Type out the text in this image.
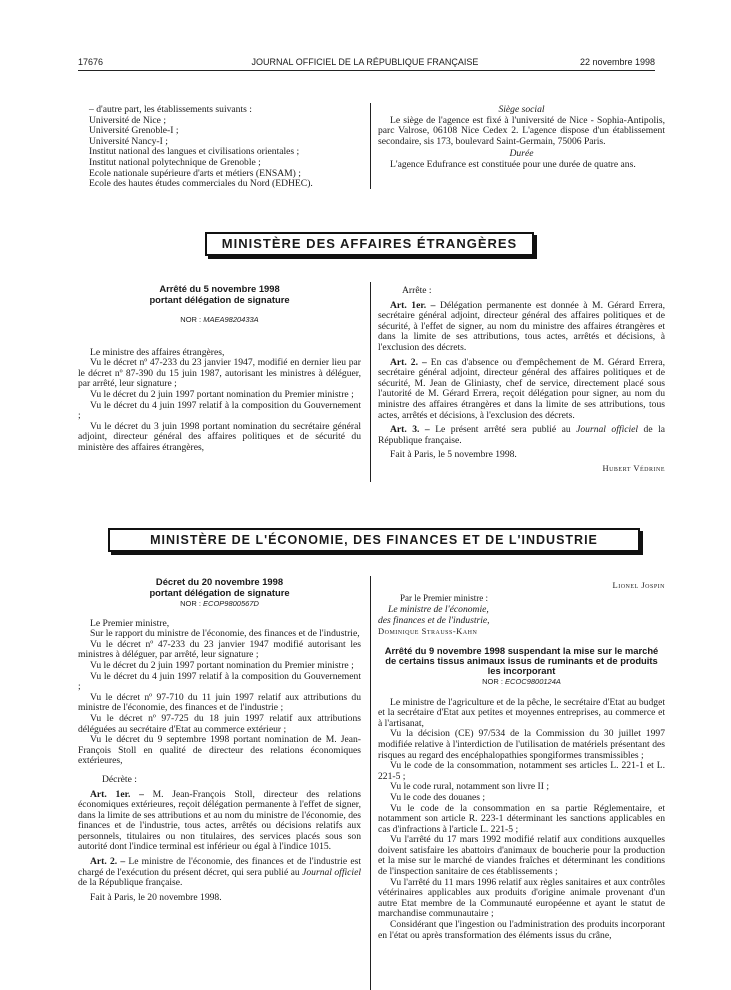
17676	JOURNAL OFFICIEL DE LA RÉPUBLIQUE FRANÇAISE	22 novembre 1998

– d'autre part, les établissements suivants :

Université de Nice ;

Université Grenoble-I ;

Université Nancy-I ;

Institut national des langues et civilisations orientales ;

Institut national polytechnique de Grenoble ;

Ecole nationale supérieure d'arts et métiers (ENSAM) ;

Ecole des hautes études commerciales du Nord (EDHEC).

Siège social

Le siège de l'agence est fixé à l'université de Nice - Sophia-Antipolis, parc Valrose, 06108 Nice Cedex 2. L'agence dispose d'un établissement secondaire, sis 173, boulevard Saint-Germain, 75006 Paris.

Durée

L'agence Edufrance est constituée pour une durée de quatre ans.

MINISTÈRE DES AFFAIRES ÉTRANGÈRES
Arrêté du 5 novembre 1998
portant délégation de signature
NOR : MAEA9820433A

Le ministre des affaires étrangères,

Vu le décret nº 47-233 du 23 janvier 1947, modifié en dernier lieu par le décret nº 87-390 du 15 juin 1987, autorisant les ministres à déléguer, par arrêté, leur signature ;

Vu le décret du 2 juin 1997 portant nomination du Premier ministre ;

Vu le décret du 4 juin 1997 relatif à la composition du Gouvernement ;

Vu le décret du 3 juin 1998 portant nomination du secrétaire général adjoint, directeur général des affaires politiques et de sécurité du ministère des affaires étrangères,

Arrête :

Art. 1er. – Délégation permanente est donnée à M. Gérard Errera, secrétaire général adjoint, directeur général des affaires politiques et de sécurité, à l'effet de signer, au nom du ministre des affaires étrangères et dans la limite de ses attributions, tous actes, arrêtés et décisions, à l'exclusion des décrets.

Art. 2. – En cas d'absence ou d'empêchement de M. Gérard Errera, secrétaire général adjoint, directeur général des affaires politiques et de sécurité, M. Jean de Gliniasty, chef de service, directement placé sous l'autorité de M. Gérard Errera, reçoit délégation pour signer, au nom du ministre des affaires étrangères et dans la limite de ses attributions, tous actes, arrêtés et décisions, à l'exclusion des décrets.

Art. 3. – Le présent arrêté sera publié au Journal officiel de la République française.

Fait à Paris, le 5 novembre 1998.

Hubert Védrine

MINISTÈRE DE L'ÉCONOMIE, DES FINANCES ET DE L'INDUSTRIE
Décret du 20 novembre 1998
portant délégation de signature
NOR : ECOP9800567D

Le Premier ministre,

Sur le rapport du ministre de l'économie, des finances et de l'industrie,

Vu le décret nº 47-233 du 23 janvier 1947 modifié autorisant les ministres à déléguer, par arrêté, leur signature ;

Vu le décret du 2 juin 1997 portant nomination du Premier ministre ;

Vu le décret du 4 juin 1997 relatif à la composition du Gouvernement ;

Vu le décret nº 97-710 du 11 juin 1997 relatif aux attributions du ministre de l'économie, des finances et de l'industrie ;

Vu le décret nº 97-725 du 18 juin 1997 relatif aux attributions déléguées au secrétaire d'Etat au commerce extérieur ;

Vu le décret du 9 septembre 1998 portant nomination de M. Jean-François Stoll en qualité de directeur des relations économiques extérieures,

Décrète :

Art. 1er. – M. Jean-François Stoll, directeur des relations économiques extérieures, reçoit délégation permanente à l'effet de signer, dans la limite de ses attributions et au nom du ministre de l'économie, des finances et de l'industrie, tous actes, arrêtés ou décisions relatifs aux personnels, titulaires ou non titulaires, des services placés sous son autorité dont l'indice terminal est inférieur ou égal à l'indice 1015.

Art. 2. – Le ministre de l'économie, des finances et de l'industrie est chargé de l'exécution du présent décret, qui sera publié au Journal officiel de la République française.

Fait à Paris, le 20 novembre 1998.

Lionel Jospin

Par le Premier ministre :

Le ministre de l'économie,

des finances et de l'industrie,

Dominique Strauss-Kahn

Arrêté du 9 novembre 1998 suspendant la mise sur le marché de certains tissus animaux issus de ruminants et de produits les incorporant
NOR : ECOC9800124A

Le ministre de l'agriculture et de la pêche, le secrétaire d'Etat au budget et la secrétaire d'Etat aux petites et moyennes entreprises, au commerce et à l'artisanat,

Vu la décision (CE) 97/534 de la Commission du 30 juillet 1997 modifiée relative à l'interdiction de l'utilisation de matériels présentant des risques au regard des encéphalopathies spongiformes transmissibles ;

Vu le code de la consommation, notamment ses articles L. 221-1 et L. 221-5 ;

Vu le code rural, notamment son livre II ;

Vu le code des douanes ;

Vu le code de la consommation en sa partie Réglementaire, et notamment son article R. 223-1 déterminant les sanctions applicables en cas d'infractions à l'article L. 221-5 ;

Vu l'arrêté du 17 mars 1992 modifié relatif aux conditions auxquelles doivent satisfaire les abattoirs d'animaux de boucherie pour la production et la mise sur le marché de viandes fraîches et déterminant les conditions de l'inspection sanitaire de ces établissements ;

Vu l'arrêté du 11 mars 1996 relatif aux règles sanitaires et aux contrôles vétérinaires applicables aux produits d'origine animale provenant d'un autre Etat membre de la Communauté européenne et ayant le statut de marchandise communautaire ;

Considérant que l'ingestion ou l'administration des produits incorporant en l'état ou après transformation des éléments issus du crâne,
